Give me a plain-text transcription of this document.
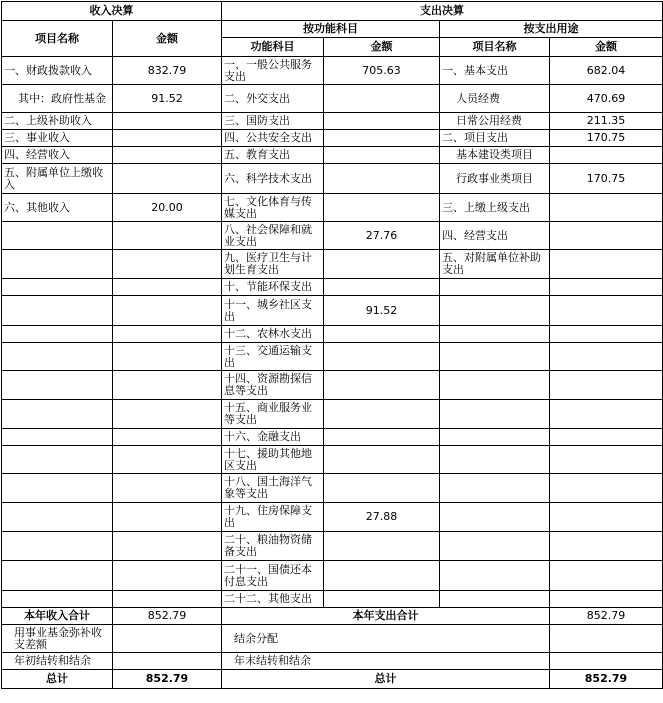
收入决算		支出决算			
项目名称	金额	按功能科目		按支出用途	
		功能科目	金额	项目名称	金额
一、财政拨款收入	832.79	一、一般公共服务支出	705.63	一、基本支出	682.04
其中：政府性基金	91.52	二、外交支出		人员经费	470.69
二、上级补助收入		三、国防支出		日常公用经费	211.35
三、事业收入		四、公共安全支出		二、项目支出	170.75
四、经营收入		五、教育支出		基本建设类项目	
五、附属单位上缴收入		六、科学技术支出		行政事业类项目	170.75
六、其他收入	20.00	七、文化体育与传媒支出		三、上缴上级支出	
		八、社会保障和就业支出	27.76	四、经营支出	
		九、医疗卫生与计划生育支出		五、对附属单位补助支出	
		十、节能环保支出			
		十一、城乡社区支出	91.52		
		十二、农林水支出			
		十三、交通运输支出			
		十四、资源勘探信息等支出			
		十五、商业服务业等支出			
		十六、金融支出			
		十七、援助其他地区支出			
		十八、国土海洋气象等支出			
		十九、住房保障支出	27.88		
		二十、粮油物资储备支出			
		二十一、国债还本付息支出			
		二十二、其他支出			
本年收入合计	852.79	本年支出合计			852.79
用事业基金弥补收支差额		结余分配			
年初结转和结余		年末结转和结余			
总计	852.79	总计			852.79
